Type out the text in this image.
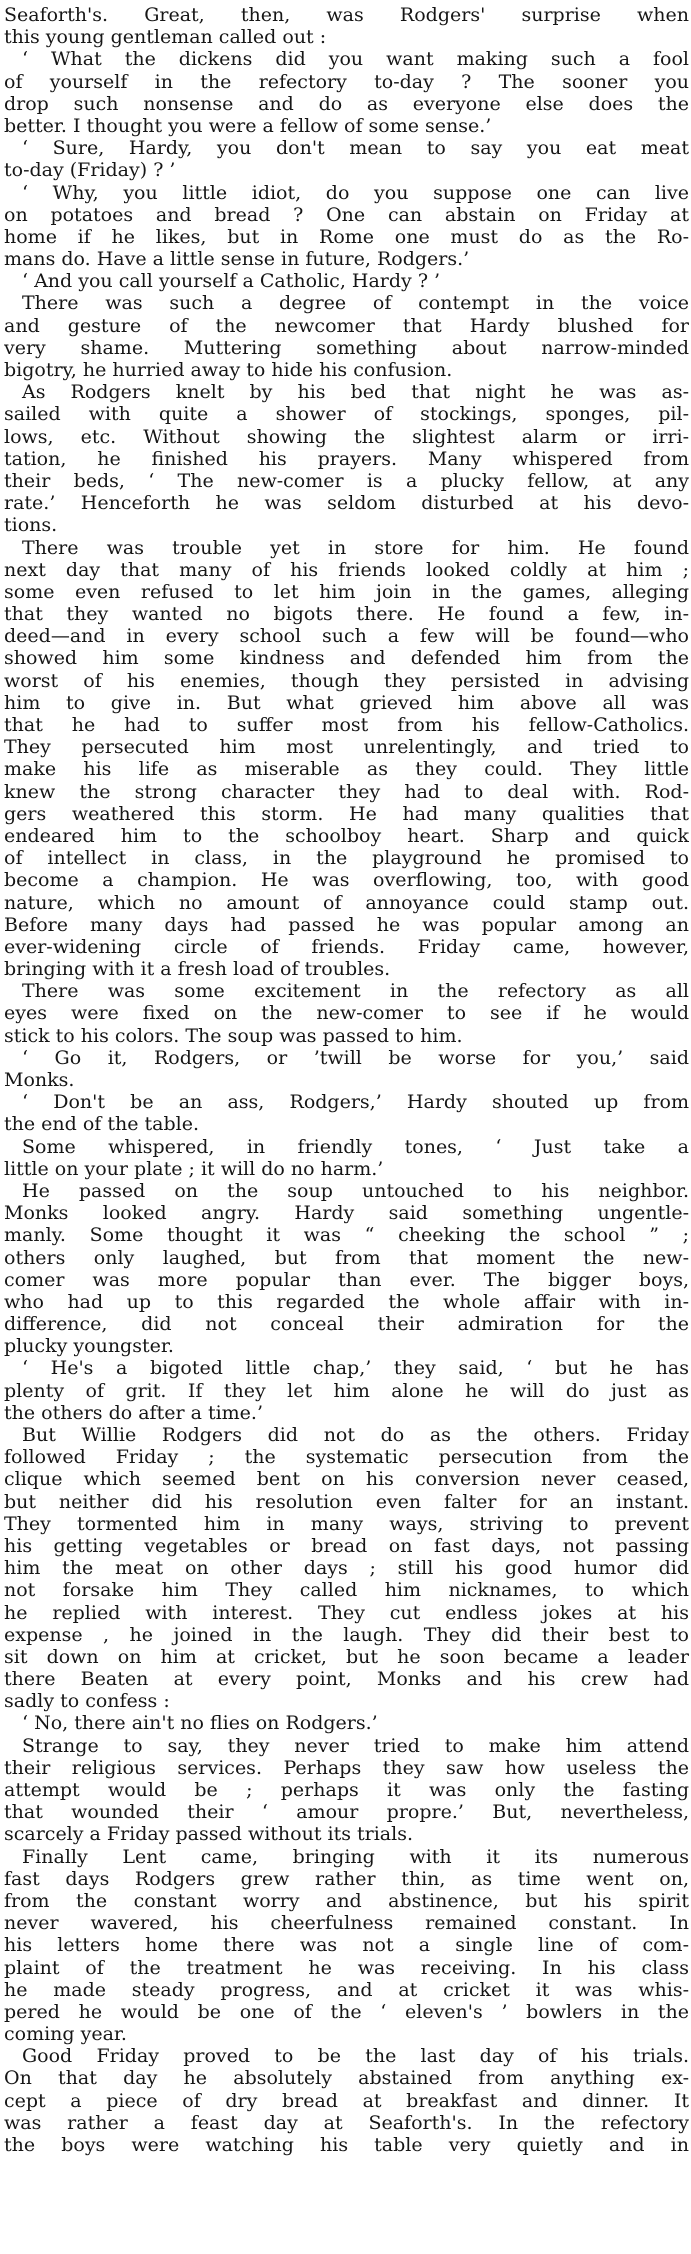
Seaforth's. Great, then, was Rodgers' surprise when
this young gentleman called out :
‘ What the dickens did you want making such a fool
of yourself in the refectory to-day ? The sooner you
drop such nonsense and do as everyone else does the
better. I thought you were a fellow of some sense.’
‘ Sure, Hardy, you don't mean to say you eat meat
to-day (Friday) ? ’
‘ Why, you little idiot, do you suppose one can live
on potatoes and bread ? One can abstain on Friday at
home if he likes, but in Rome one must do as the Ro-
mans do. Have a little sense in future, Rodgers.’
‘ And you call yourself a Catholic, Hardy ? ’
There was such a degree of contempt in the voice
and gesture of the newcomer that Hardy blushed for
very shame. Muttering something about narrow-minded
bigotry, he hurried away to hide his confusion.
As Rodgers knelt by his bed that night he was as-
sailed with quite a shower of stockings, sponges, pil-
lows, etc. Without showing the slightest alarm or irri-
tation, he finished his prayers. Many whispered from
their beds, ‘ The new-comer is a plucky fellow, at any
rate.’ Henceforth he was seldom disturbed at his devo-
tions.
There was trouble yet in store for him. He found
next day that many of his friends looked coldly at him ;
some even refused to let him join in the games, alleging
that they wanted no bigots there. He found a few, in-
deed—and in every school such a few will be found—who
showed him some kindness and defended him from the
worst of his enemies, though they persisted in advising
him to give in. But what grieved him above all was
that he had to suffer most from his fellow-Catholics.
They persecuted him most unrelentingly, and tried to
make his life as miserable as they could. They little
knew the strong character they had to deal with. Rod-
gers weathered this storm. He had many qualities that
endeared him to the schoolboy heart. Sharp and quick
of intellect in class, in the playground he promised to
become a champion. He was overflowing, too, with good
nature, which no amount of annoyance could stamp out.
Before many days had passed he was popular among an
ever-widening circle of friends. Friday came, however,
bringing with it a fresh load of troubles.
There was some excitement in the refectory as all
eyes were fixed on the new-comer to see if he would
stick to his colors. The soup was passed to him.
‘ Go it, Rodgers, or ’twill be worse for you,’ said
Monks.
‘ Don't be an ass, Rodgers,’ Hardy shouted up from
the end of the table.
Some whispered, in friendly tones, ‘ Just take a
little on your plate ; it will do no harm.’
He passed on the soup untouched to his neighbor.
Monks looked angry. Hardy said something ungentle-
manly. Some thought it was “ cheeking the school ” ;
others only laughed, but from that moment the new-
comer was more popular than ever. The bigger boys,
who had up to this regarded the whole affair with in-
difference, did not conceal their admiration for the
plucky youngster.
‘ He's a bigoted little chap,’ they said, ‘ but he has
plenty of grit. If they let him alone he will do just as
the others do after a time.’
But Willie Rodgers did not do as the others. Friday
followed Friday ; the systematic persecution from the
clique which seemed bent on his conversion never ceased,
but neither did his resolution even falter for an instant.
They tormented him in many ways, striving to prevent
his getting vegetables or bread on fast days, not passing
him the meat on other days ; still his good humor did
not forsake him They called him nicknames, to which
he replied with interest. They cut endless jokes at his
expense , he joined in the laugh. They did their best to
sit down on him at cricket, but he soon became a leader
there Beaten at every point, Monks and his crew had
sadly to confess :
‘ No, there ain't no flies on Rodgers.’
Strange to say, they never tried to make him attend
their religious services. Perhaps they saw how useless the
attempt would be ; perhaps it was only the fasting
that wounded their ‘ amour propre.’ But, nevertheless,
scarcely a Friday passed without its trials.
Finally Lent came, bringing with it its numerous
fast days Rodgers grew rather thin, as time went on,
from the constant worry and abstinence, but his spirit
never wavered, his cheerfulness remained constant. In
his letters home there was not a single line of com-
plaint of the treatment he was receiving. In his class
he made steady progress, and at cricket it was whis-
pered he would be one of the ‘ eleven's ’ bowlers in the
coming year.
Good Friday proved to be the last day of his trials.
On that day he absolutely abstained from anything ex-
cept a piece of dry bread at breakfast and dinner. It
was rather a feast day at Seaforth's. In the refectory
the boys were watching his table very quietly and in
